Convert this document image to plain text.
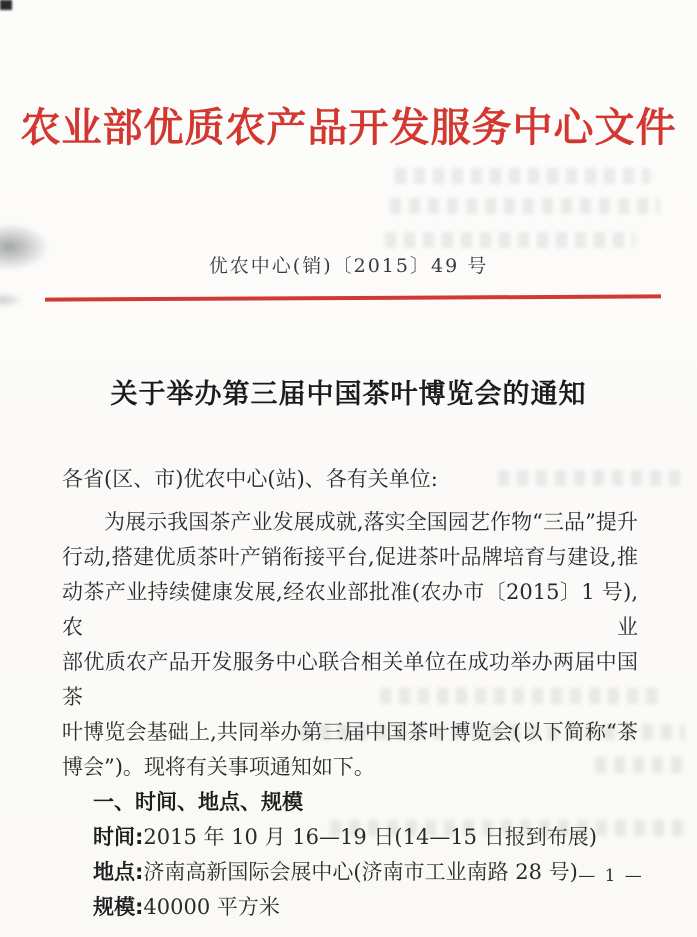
农业部优质农产品开发服务中心文件
优农中心(销)〔2015〕49 号
关于举办第三届中国茶叶博览会的通知
各省(区、市)优农中心(站)、各有关单位:
为展示我国茶产业发展成就,落实全国园艺作物“三品”提升
行动,搭建优质茶叶产销衔接平台,促进茶叶品牌培育与建设,推
动茶产业持续健康发展,经农业部批准(农办市〔2015〕1 号),农业
部优质农产品开发服务中心联合相关单位在成功举办两届中国茶
叶博览会基础上,共同举办第三届中国茶叶博览会(以下简称“茶
博会”)。现将有关事项通知如下。
一、时间、地点、规模
时间:2015 年 10 月 16—19 日(14—15 日报到布展)
地点:济南高新国际会展中心(济南市工业南路 28 号)
规模:40000 平方米
— 1 —
